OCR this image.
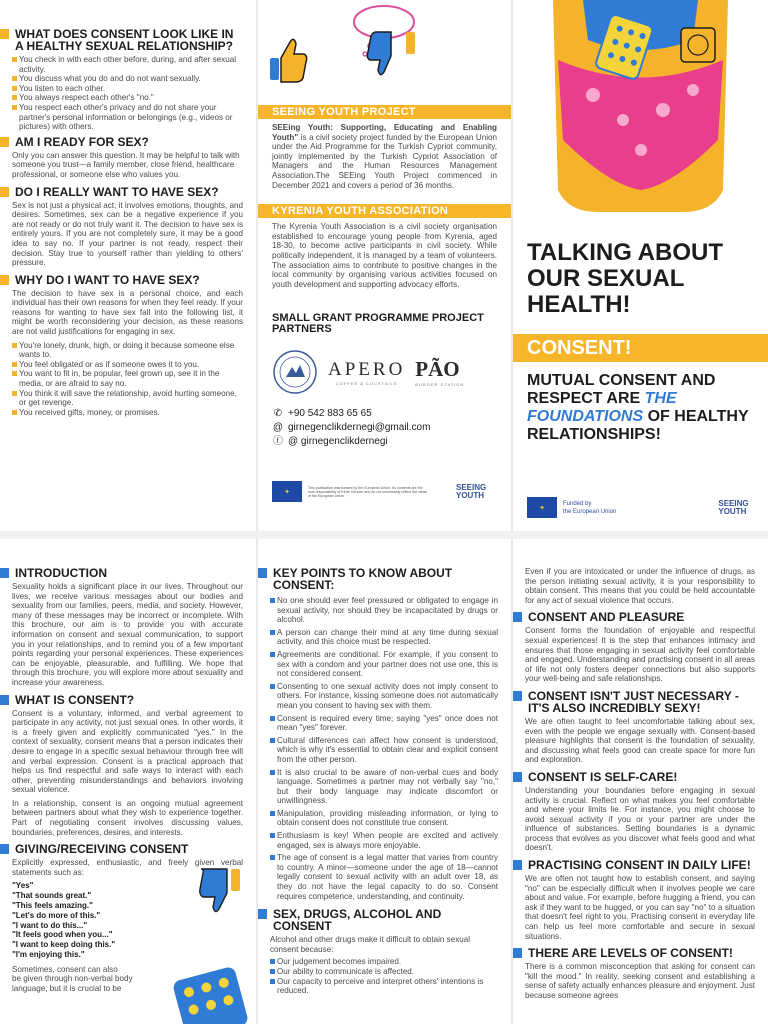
WHAT DOES CONSENT LOOK LIKE IN A HEALTHY SEXUAL RELATIONSHIP?
You check in with each other before, during, and after sexual activity.
You discuss what you do and do not want sexually.
You listen to each other.
You always respect each other's "no."
You respect each other's privacy and do not share your partner's personal information or belongings (e.g., videos or pictures) with others.
AM I READY FOR SEX?

Only you can answer this question. It may be helpful to talk with someone you trust—a family member, close friend, healthcare professional, or someone else who values you.

DO I REALLY WANT TO HAVE SEX?

Sex is not just a physical act; it involves emotions, thoughts, and desires. Sometimes, sex can be a negative experience if you are not ready or do not truly want it. The decision to have sex is entirely yours. If you are not completely sure, it may be a good idea to say no. If your partner is not ready, respect their decision. Stay true to yourself rather than yielding to others' pressure.

WHY DO I WANT TO HAVE SEX?

The decision to have sex is a personal choice, and each individual has their own reasons for when they feel ready. If your reasons for wanting to have sex fall into the following list, it might be worth reconsidering your decision, as these reasons are not valid justifications for engaging in sex.

You're lonely, drunk, high, or doing it because someone else wants to.
You feel obligated or as if someone owes it to you.
You want to fit in, be popular, feel grown up, see it in the media, or are afraid to say no.
You think it will save the relationship, avoid hurting someone, or get revenge.
You received gifts, money, or promises.
SEEING YOUTH PROJECT

SEEing Youth: Supporting, Educating and Enabling Youth" is a civil society project funded by the European Union under the Aid Programme for the Turkish Cypriot community, jointly implemented by the Turkish Cypriot Association of Managers and the Human Resources Management Association.The SEEing Youth Project commenced in December 2021 and covers a period of 36 months.

KYRENIA YOUTH ASSOCIATION

The Kyrenia Youth Association is a civil society organisation established to encourage young people from Kyrenia, aged 18-30, to become active participants in civil society. While politically independent, it is managed by a team of volunteers. The association aims to contribute to positive changes in the local community by organising various activities focused on youth development and supporting advocacy efforts.

SMALL GRANT PROGRAMME PROJECT PARTNERS
APERO
COFFEE & COCKTAILS
PÃO
BURGER STATION
✆ +90 542 883 65 65
@ girnegenclikdernegi@gmail.com
ⓕ @ girnegenclikdernegi
✦
This publication was funded by the European Union. Its contents are the sole responsibility of Kirne Gencler and do not necessarily reflect the views of the European Union.
SEEING
YOUTH
TALKING ABOUT OUR SEXUAL HEALTH!
CONSENT!
MUTUAL CONSENT AND RESPECT ARE THE FOUNDATIONS OF HEALTHY RELATIONSHIPS!
✦
Funded by
the European Union
SEEING
YOUTH
INTRODUCTION

Sexuality holds a significant place in our lives. Throughout our lives, we receive various messages about our bodies and sexuality from our families, peers, media, and society. However, many of these messages may be incorrect or incomplete. With this brochure, our aim is to provide you with accurate information on consent and sexual communication, to support you in your relationships, and to remind you of a few important points regarding your personal experiences. These experiences can be enjoyable, pleasurable, and fulfilling. We hope that through this brochure, you will explore more about sexuality and increase your awareness.

WHAT IS CONSENT?

Consent is a voluntary, informed, and verbal agreement to participate in any activity, not just sexual ones. In other words, it is a freely given and explicitly communicated "yes." In the context of sexuality, consent means that a person indicates their desire to engage in a specific sexual behaviour through free will and verbal expression. Consent is a practical approach that helps us find respectful and safe ways to interact with each other, preventing misunderstandings and behaviors involving sexual violence.

In a relationship, consent is an ongoing mutual agreement between partners about what they wish to experience together. Part of negotiating consent involves discussing values, boundaries, preferences, desires, and interests.

GIVING/RECEIVING CONSENT

Explicitly expressed, enthusiastic, and freely given verbal statements such as:

"Yes"
"That sounds great."
"This feels amazing."
"Let's do more of this."
"I want to do this..."
"It feels good when you..."
"I want to keep doing this."
"I'm enjoying this."

Sometimes, consent can also
be given through non-verbal body
language, but it is crucial to be

KEY POINTS TO KNOW ABOUT CONSENT:
No one should ever feel pressured or obligated to engage in sexual activity, nor should they be incapacitated by drugs or alcohol.
A person can change their mind at any time during sexual activity, and this choice must be respected.
Agreements are conditional. For example, if you consent to sex with a condom and your partner does not use one, this is not considered consent.
Consenting to one sexual activity does not imply consent to others. For instance, kissing someone does not automatically mean you consent to having sex with them.
Consent is required every time; saying "yes" once does not mean "yes" forever.
Cultural differences can affect how consent is understood, which is why it's essential to obtain clear and explicit consent from the other person.
It is also crucial to be aware of non-verbal cues and body language. Sometimes a partner may not verbally say "no," but their body language may indicate discomfort or unwillingness.
Manipulation, providing misleading information, or lying to obtain consent does not constitute true consent.
Enthusiasm is key! When people are excited and actively engaged, sex is always more enjoyable.
The age of consent is a legal matter that varies from country to country. A minor—someone under the age of 18—cannot legally consent to sexual activity with an adult over 18, as they do not have the legal capacity to do so. Consent requires competence, understanding, and continuity.
SEX, DRUGS, ALCOHOL AND CONSENT

Alcohol and other drugs make it difficult to obtain sexual consent because:

Our judgement becomes impaired.
Our ability to communicate is affected.
Our capacity to perceive and interpret others' intentions is reduced.

Even if you are intoxicated or under the influence of drugs, as the person initiating sexual activity, it is your responsibility to obtain consent. This means that you could be held accountable for any act of sexual violence that occurs.

CONSENT AND PLEASURE

Consent forms the foundation of enjoyable and respectful sexual experiences! It is the step that enhances intimacy and ensures that those engaging in sexual activity feel comfortable and engaged. Understanding and practising consent in all areas of life not only fosters deeper connections but also supports your well-being and safe relationships.

CONSENT ISN'T JUST NECESSARY - IT'S ALSO INCREDIBLY SEXY!

We are often taught to feel uncomfortable talking about sex, even with the people we engage sexually with. Consent-based pleasure highlights that consent is the foundation of sexuality, and discussing what feels good can create space for more fun and exploration.

CONSENT IS SELF-CARE!

Understanding your boundaries before engaging in sexual activity is crucial. Reflect on what makes you feel comfortable and where your limits lie. For instance, you might choose to avoid sexual activity if you or your partner are under the influence of substances. Setting boundaries is a dynamic process that evolves as you discover what feels good and what doesn't.

PRACTISING CONSENT IN DAILY LIFE!

We are often not taught how to establish consent, and saying "no" can be especially difficult when it involves people we care about and value. For example, before hugging a friend, you can ask if they want to be hugged, or you can say "no" to a situation that doesn't feel right to you. Practising consent in everyday life can help us feel more comfortable and secure in sexual situations.

THERE ARE LEVELS OF CONSENT!

There is a common misconception that asking for consent can "kill the mood." In reality, seeking consent and establishing a sense of safety actually enhances pleasure and enjoyment. Just because someone agrees
